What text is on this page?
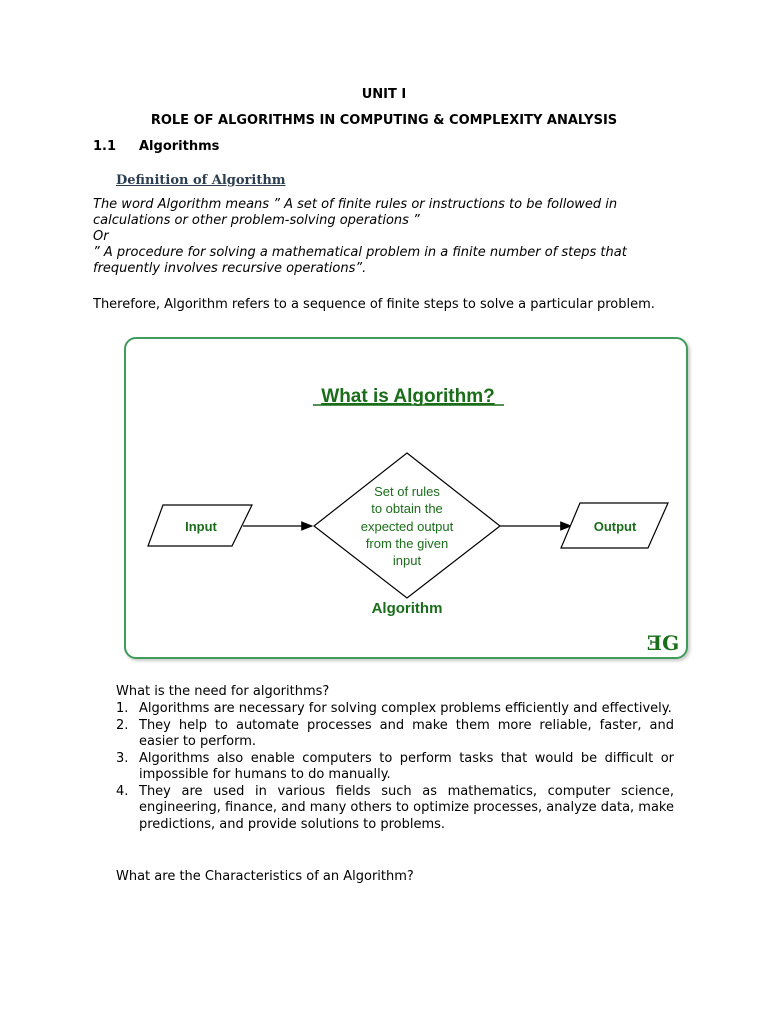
UNIT I
ROLE OF ALGORITHMS IN COMPUTING & COMPLEXITY ANALYSIS
1.1 Algorithms
Definition of Algorithm

The word Algorithm means ” A set of finite rules or instructions to be followed in calculations or other problem-solving operations ”

Or

” A procedure for solving a mathematical problem in a finite number of steps that frequently involves recursive operations”.

Therefore, Algorithm refers to a sequence of finite steps to solve a particular problem.

What is Algorithm?
Input
Set of rules
to obtain the
expected output
from the given
input
Output
Algorithm
ƎG
What is the need for algorithms?
1. Algorithms are necessary for solving complex problems efficiently and effectively.
2. They help to automate processes and make them more reliable, faster, and easier to perform.
3. Algorithms also enable computers to perform tasks that would be difficult or impossible for humans to do manually.
4. They are used in various fields such as mathematics, computer science, engineering, finance, and many others to optimize processes, analyze data, make predictions, and provide solutions to problems.
What are the Characteristics of an Algorithm?
